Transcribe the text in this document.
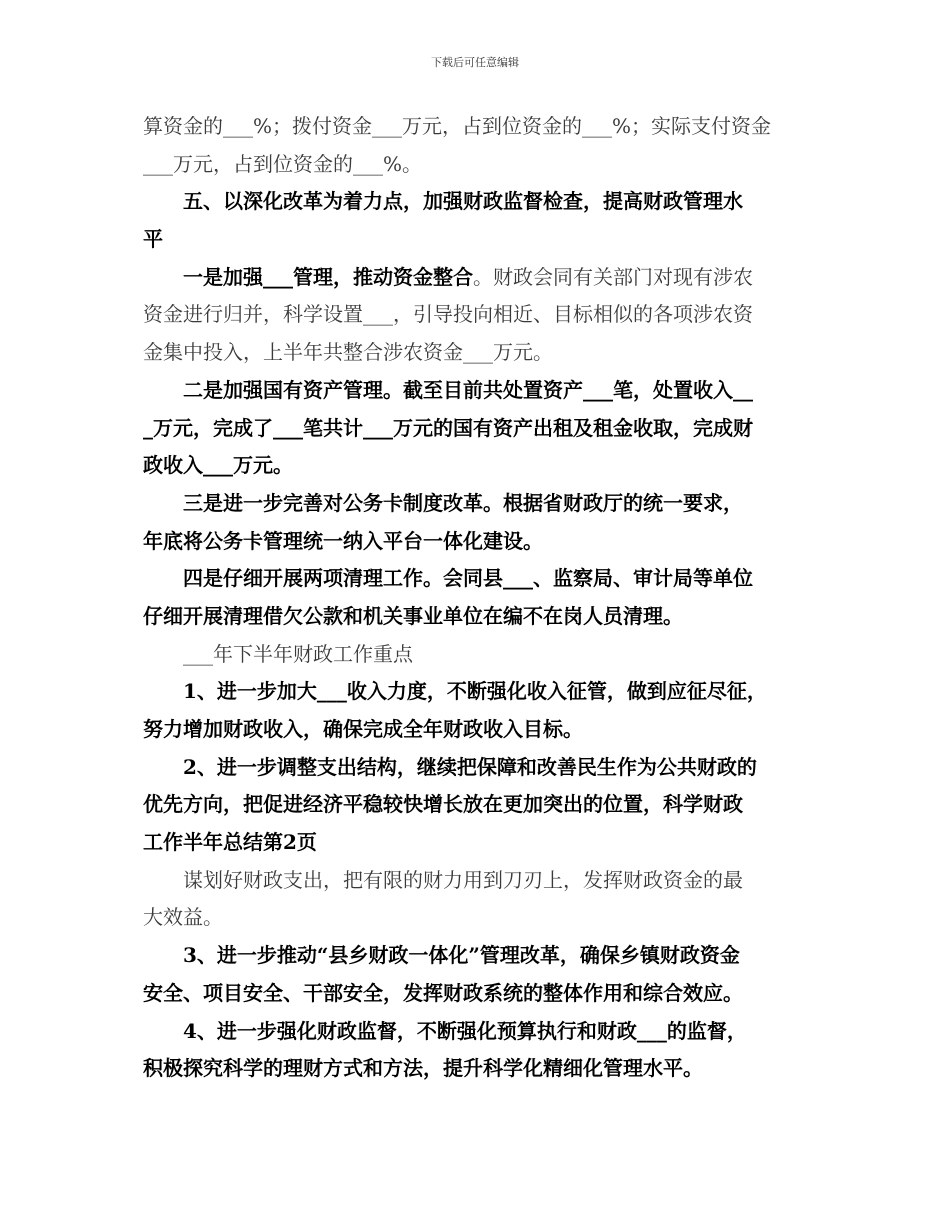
下载后可任意编辑
算资金的___%；拨付资金___万元，占到位资金的___%；实际支付资金
___万元，占到位资金的___%。
五、以深化改革为着力点，加强财政监督检查，提高财政管理水
平
一是加强___管理，推动资金整合。财政会同有关部门对现有涉农
资金进行归并，科学设置___，引导投向相近、目标相似的各项涉农资
金集中投入，上半年共整合涉农资金___万元。
二是加强国有资产管理。截至目前共处置资产___笔，处置收入__
_万元，完成了___笔共计___万元的国有资产出租及租金收取，完成财
政收入___万元。
三是进一步完善对公务卡制度改革。根据省财政厅的统一要求，
年底将公务卡管理统一纳入平台一体化建设。
四是仔细开展两项清理工作。会同县___、监察局、审计局等单位
仔细开展清理借欠公款和机关事业单位在编不在岗人员清理。
___年下半年财政工作重点
1、进一步加大___收入力度，不断强化收入征管，做到应征尽征，
努力增加财政收入，确保完成全年财政收入目标。
2、进一步调整支出结构，继续把保障和改善民生作为公共财政的
优先方向，把促进经济平稳较快增长放在更加突出的位置，科学财政
工作半年总结第2页
谋划好财政支出，把有限的财力用到刀刃上，发挥财政资金的最
大效益。
3、进一步推动“县乡财政一体化”管理改革，确保乡镇财政资金
安全、项目安全、干部安全，发挥财政系统的整体作用和综合效应。
4、进一步强化财政监督，不断强化预算执行和财政___的监督，
积极探究科学的理财方式和方法，提升科学化精细化管理水平。
